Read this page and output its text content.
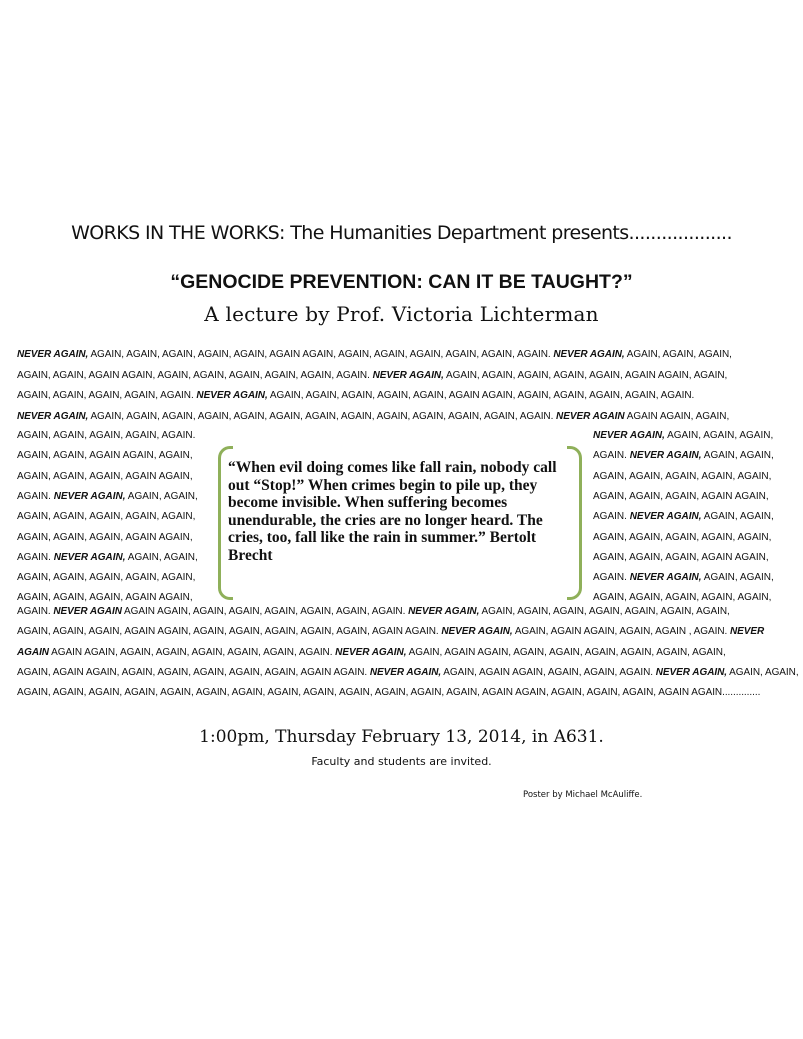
WORKS IN THE WORKS: The Humanities Department presents...................
“GENOCIDE PREVENTION: CAN IT BE TAUGHT?”
A lecture by Prof. Victoria Lichterman
NEVER AGAIN, AGAIN, AGAIN, AGAIN, AGAIN, AGAIN, AGAIN AGAIN, AGAIN, AGAIN, AGAIN, AGAIN, AGAIN, AGAIN. NEVER AGAIN, AGAIN, AGAIN, AGAIN,
AGAIN, AGAIN, AGAIN AGAIN, AGAIN, AGAIN, AGAIN, AGAIN, AGAIN, AGAIN. NEVER AGAIN, AGAIN, AGAIN, AGAIN, AGAIN, AGAIN, AGAIN AGAIN, AGAIN,
AGAIN, AGAIN, AGAIN, AGAIN, AGAIN. NEVER AGAIN, AGAIN, AGAIN, AGAIN, AGAIN, AGAIN, AGAIN AGAIN, AGAIN, AGAIN, AGAIN, AGAIN, AGAIN.
NEVER AGAIN, AGAIN, AGAIN, AGAIN, AGAIN, AGAIN, AGAIN, AGAIN, AGAIN, AGAIN, AGAIN, AGAIN, AGAIN, AGAIN. NEVER AGAIN AGAIN AGAIN, AGAIN,
AGAIN, AGAIN, AGAIN, AGAIN, AGAIN.
AGAIN, AGAIN, AGAIN AGAIN, AGAIN,
AGAIN, AGAIN, AGAIN, AGAIN AGAIN,
AGAIN. NEVER AGAIN, AGAIN, AGAIN,
AGAIN, AGAIN, AGAIN, AGAIN, AGAIN,
AGAIN, AGAIN, AGAIN, AGAIN AGAIN,
AGAIN. NEVER AGAIN, AGAIN, AGAIN,
AGAIN, AGAIN, AGAIN, AGAIN, AGAIN,
AGAIN, AGAIN, AGAIN, AGAIN AGAIN,
NEVER AGAIN, AGAIN, AGAIN, AGAIN,
AGAIN. NEVER AGAIN, AGAIN, AGAIN,
AGAIN, AGAIN, AGAIN, AGAIN, AGAIN,
AGAIN, AGAIN, AGAIN, AGAIN AGAIN,
AGAIN. NEVER AGAIN, AGAIN, AGAIN,
AGAIN, AGAIN, AGAIN, AGAIN, AGAIN,
AGAIN, AGAIN, AGAIN, AGAIN AGAIN,
AGAIN. NEVER AGAIN, AGAIN, AGAIN,
AGAIN, AGAIN, AGAIN, AGAIN, AGAIN,
AGAIN. NEVER AGAIN AGAIN AGAIN, AGAIN, AGAIN, AGAIN, AGAIN, AGAIN, AGAIN. NEVER AGAIN, AGAIN, AGAIN, AGAIN, AGAIN, AGAIN, AGAIN, AGAIN,
AGAIN, AGAIN, AGAIN, AGAIN AGAIN, AGAIN, AGAIN, AGAIN, AGAIN, AGAIN, AGAIN AGAIN. NEVER AGAIN, AGAIN, AGAIN AGAIN, AGAIN, AGAIN , AGAIN. NEVER
AGAIN AGAIN AGAIN, AGAIN, AGAIN, AGAIN, AGAIN, AGAIN, AGAIN. NEVER AGAIN, AGAIN, AGAIN AGAIN, AGAIN, AGAIN, AGAIN, AGAIN, AGAIN, AGAIN,
AGAIN, AGAIN AGAIN, AGAIN, AGAIN, AGAIN, AGAIN, AGAIN, AGAIN AGAIN. NEVER AGAIN, AGAIN, AGAIN AGAIN, AGAIN, AGAIN, AGAIN. NEVER AGAIN, AGAIN, AGAIN,
AGAIN, AGAIN, AGAIN, AGAIN, AGAIN, AGAIN, AGAIN, AGAIN, AGAIN, AGAIN, AGAIN, AGAIN, AGAIN, AGAIN AGAIN, AGAIN, AGAIN, AGAIN, AGAIN AGAIN..............
“When evil doing comes like fall rain, nobody call out “Stop!” When crimes begin to pile up, they become invisible. When suffering becomes unendurable, the cries are no longer heard. The cries, too, fall like the rain in summer.” Bertolt Brecht
1:00pm, Thursday February 13, 2014, in A631.
Faculty and students are invited.
Poster by Michael McAuliffe.
